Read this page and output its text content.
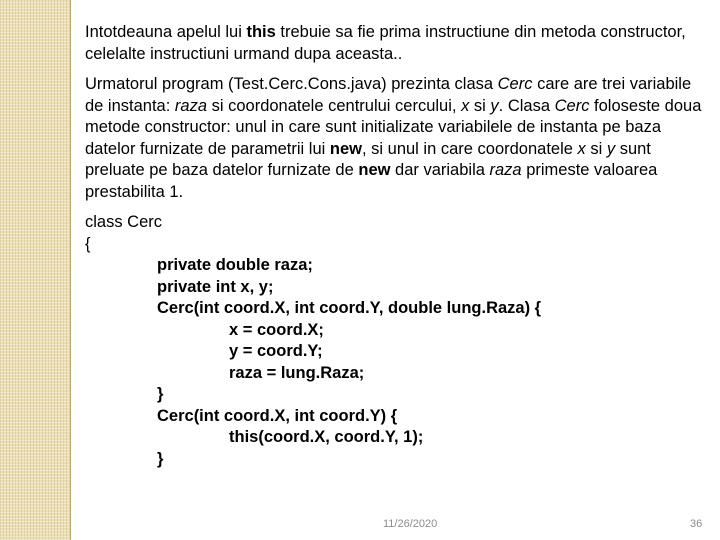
Intotdeauna apelul lui this trebuie sa fie prima instructiune din metoda constructor, celelalte instructiuni urmand dupa aceasta..

Urmatorul program (Test.Cerc.Cons.java) prezinta clasa Cerc care are trei variabile de instanta: raza si coordonatele centrului cercului, x si y. Clasa Cerc foloseste doua metode constructor: unul in care sunt initializate variabilele de instanta pe baza datelor furnizate de parametrii lui new, si unul in care coordonatele x si y sunt preluate pe baza datelor furnizate de new dar variabila raza primeste valoarea prestabilita 1.

class Cerc
{
private double raza;
private int x, y;
Cerc(int coord.X, int coord.Y, double lung.Raza) {
x = coord.X;
y = coord.Y;
raza = lung.Raza;
}
Cerc(int coord.X, int coord.Y) {
this(coord.X, coord.Y, 1);
}
11/26/2020	36
